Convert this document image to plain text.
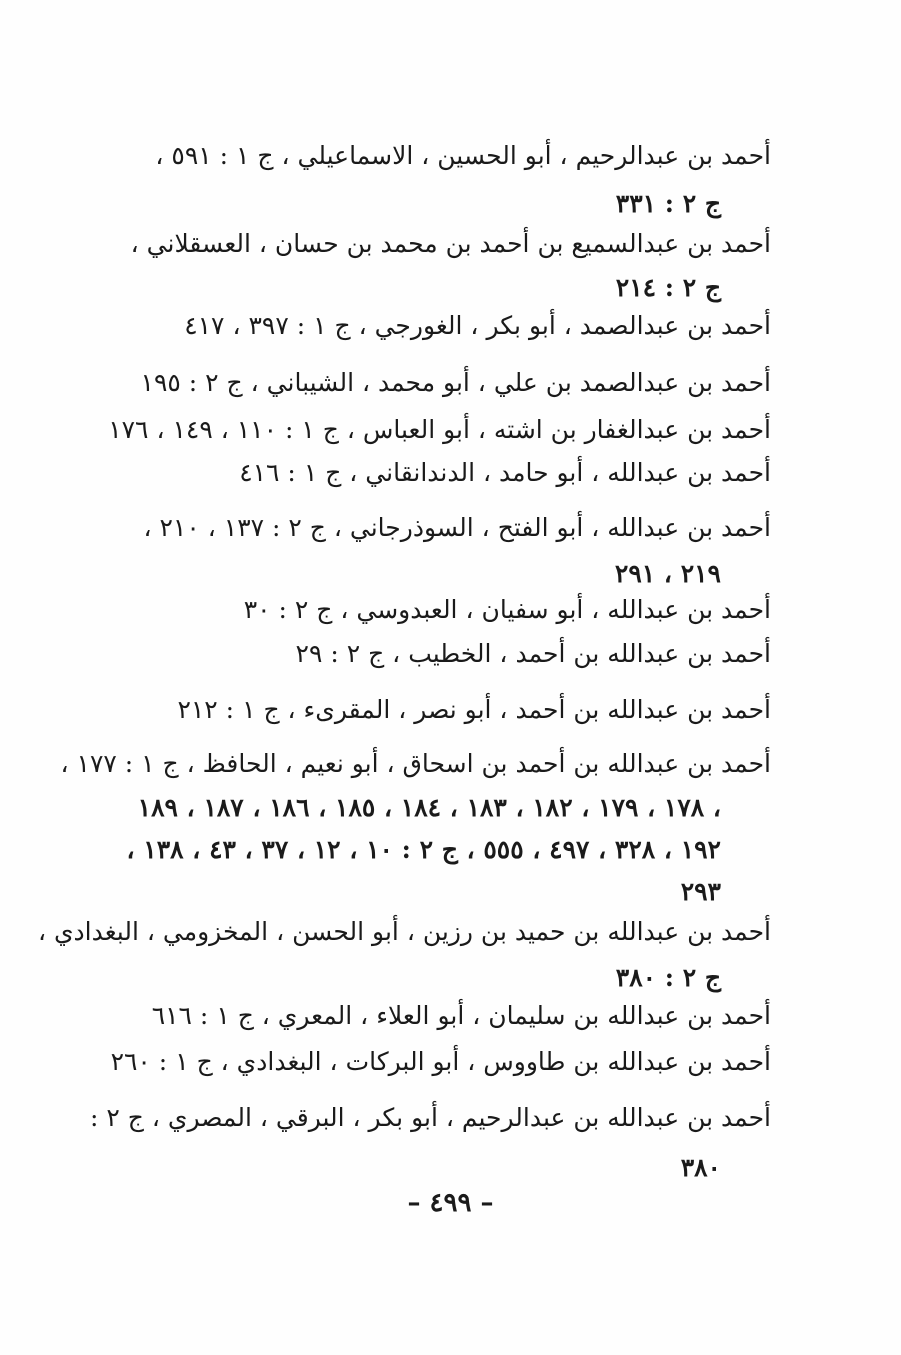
أحمد بن عبدالرحيم ، أبو الحسين ، الاسماعيلي ، ج ١ : ٥٩١ ،
ج ٢ : ٣٣١
أحمد بن عبدالسميع بن أحمد بن محمد بن حسان ، العسقلاني ،
ج ٢ : ٢١٤
أحمد بن عبدالصمد ، أبو بكر ، الغورجي ، ج ١ : ٣٩٧ ، ٤١٧
أحمد بن عبدالصمد بن علي ، أبو محمد ، الشيباني ، ج ٢ : ١٩٥
أحمد بن عبدالغفار بن اشته ، أبو العباس ، ج ١ : ١١٠ ، ١٤٩ ، ١٧٦
أحمد بن عبدالله ، أبو حامد ، الدندانقاني ، ج ١ : ٤١٦
أحمد بن عبدالله ، أبو الفتح ، السوذرجاني ، ج ٢ : ١٣٧ ، ٢١٠ ،
٢١٩ ، ٢٩١
أحمد بن عبدالله ، أبو سفيان ، العبدوسي ، ج ٢ : ٣٠
أحمد بن عبدالله بن أحمد ، الخطيب ، ج ٢ : ٢٩
أحمد بن عبدالله بن أحمد ، أبو نصر ، المقرىء ، ج ١ : ٢١٢
أحمد بن عبدالله بن أحمد بن اسحاق ، أبو نعيم ، الحافظ ، ج ١ : ١٧٧ ،
١٧٨ ، ١٧٩ ، ١٨٢ ، ١٨٣ ، ١٨٤ ، ١٨٥ ، ١٨٦ ، ١٨٧ ، ١٨٩ ،
١٩٢ ، ٣٢٨ ، ٤٩٧ ، ٥٥٥ ، ج ٢ : ١٠ ، ١٢ ، ٣٧ ، ٤٣ ، ١٣٨ ،
٢٩٣
أحمد بن عبدالله بن حميد بن رزين ، أبو الحسن ، المخزومي ، البغدادي ،
ج ٢ : ٣٨٠
أحمد بن عبدالله بن سليمان ، أبو العلاء ، المعري ، ج ١ : ٦١٦
أحمد بن عبدالله بن طاووس ، أبو البركات ، البغدادي ، ج ١ : ٢٦٠
أحمد بن عبدالله بن عبدالرحيم ، أبو بكر ، البرقي ، المصري ، ج ٢ :
٣٨٠
– ٤٩٩ –
